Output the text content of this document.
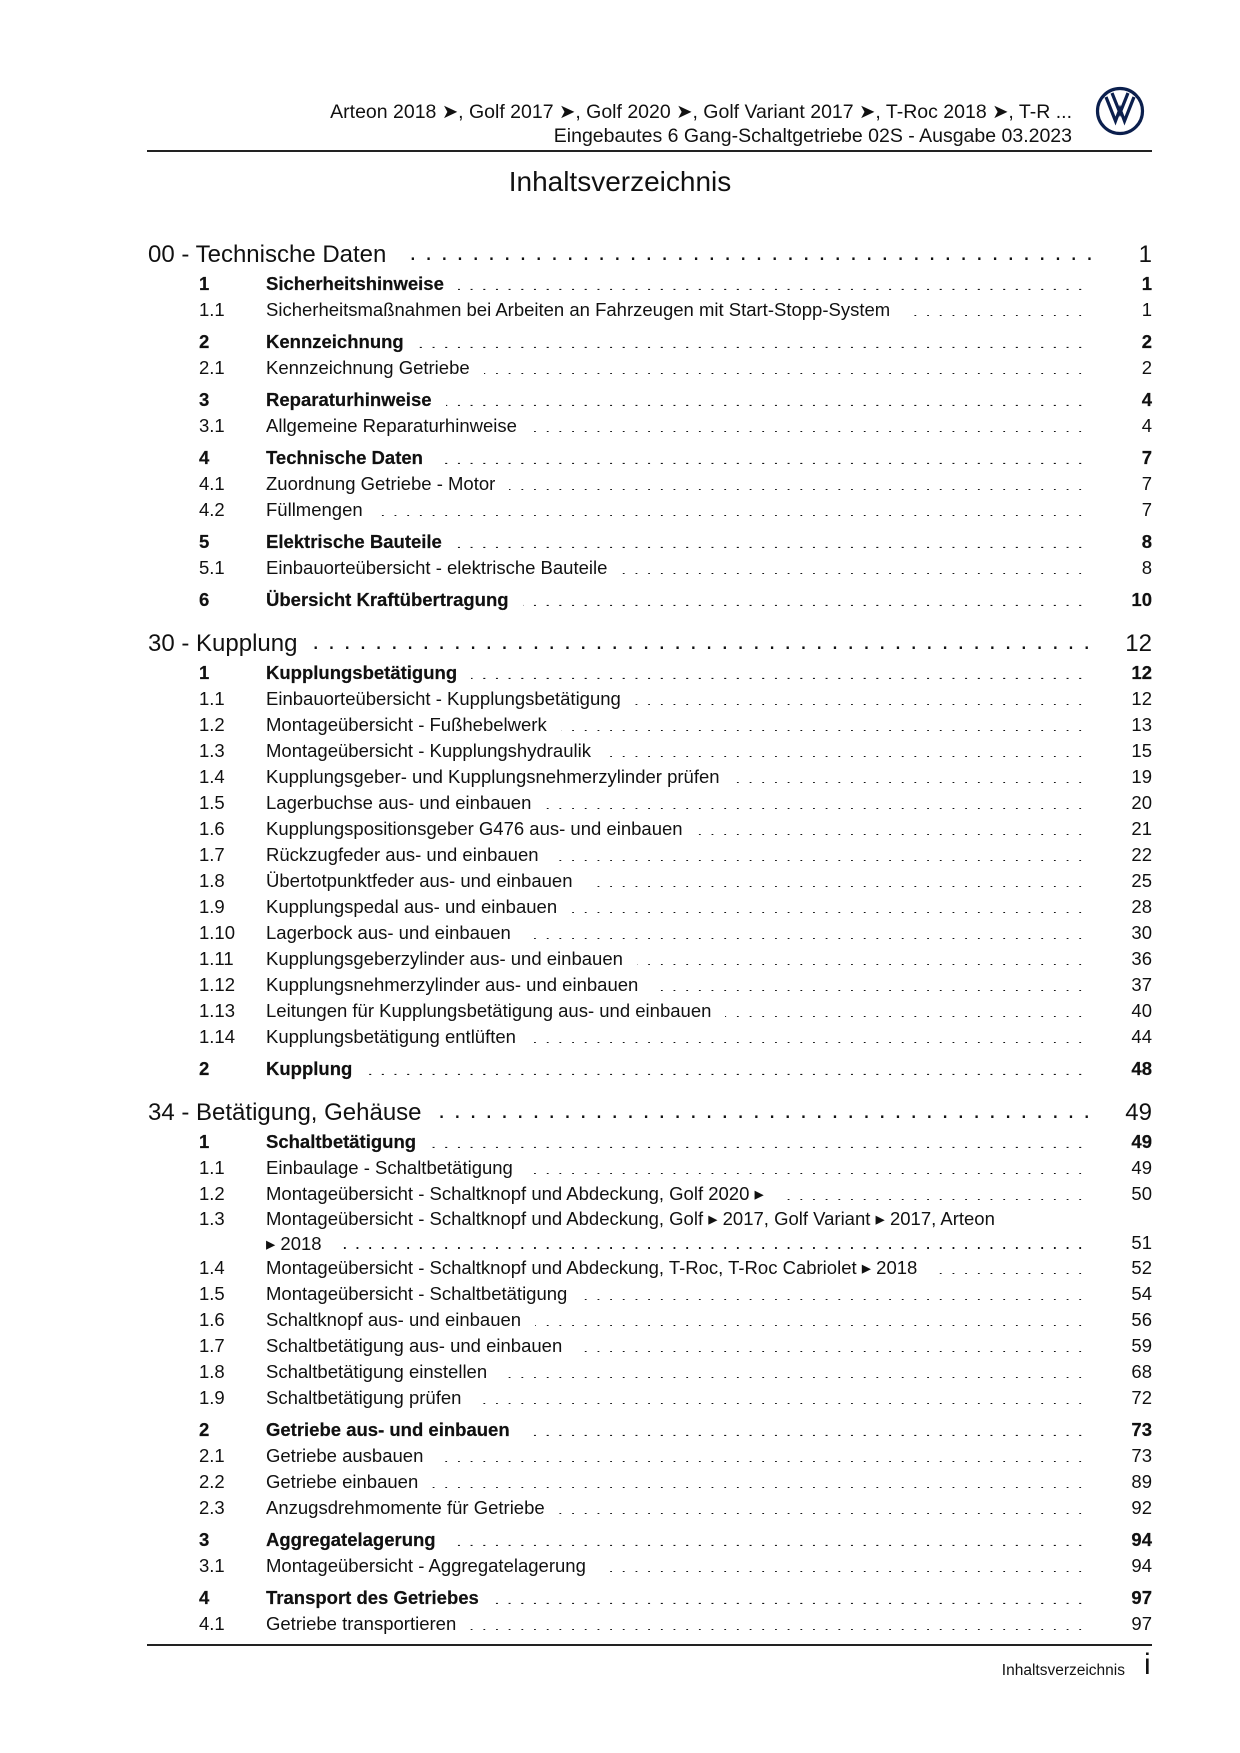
Arteon 2018 ➤, Golf 2017 ➤, Golf 2020 ➤, Golf Variant 2017 ➤, T-Roc 2018 ➤, T-R ...
Eingebautes 6 Gang-Schaltgetriebe 02S - Ausgabe 03.2023
Inhaltsverzeichnis
00 - Technische Daten . . .	1
1	Sicherheitshinweise . . .	1
1.1	Sicherheitsmaßnahmen bei Arbeiten an Fahrzeugen mit Start-Stopp-System . . .	1
2	Kennzeichnung . . .	2
2.1	Kennzeichnung Getriebe . . .	2
3	Reparaturhinweise . . .	4
3.1	Allgemeine Reparaturhinweise . . .	4
4	Technische Daten . . .	7
4.1	Zuordnung Getriebe - Motor . . .	7
4.2	Füllmengen . . .	7
5	Elektrische Bauteile . . .	8
5.1	Einbauorteübersicht - elektrische Bauteile . . .	8
6	Übersicht Kraftübertragung . . .	10
30 - Kupplung . . .	12
1	Kupplungsbetätigung . . .	12
1.1	Einbauorteübersicht - Kupplungsbetätigung . . .	12
1.2	Montageübersicht - Fußhebelwerk . . .	13
1.3	Montageübersicht - Kupplungshydraulik . . .	15
1.4	Kupplungsgeber- und Kupplungsnehmerzylinder prüfen . . .	19
1.5	Lagerbuchse aus- und einbauen . . .	20
1.6	Kupplungspositionsgeber G476 aus- und einbauen . . .	21
1.7	Rückzugfeder aus- und einbauen . . .	22
1.8	Übertotpunktfeder aus- und einbauen . . .	25
1.9	Kupplungspedal aus- und einbauen . . .	28
1.10	Lagerbock aus- und einbauen . . .	30
1.11	Kupplungsgeberzylinder aus- und einbauen . . .	36
1.12	Kupplungsnehmerzylinder aus- und einbauen . . .	37
1.13	Leitungen für Kupplungsbetätigung aus- und einbauen . . .	40
1.14	Kupplungsbetätigung entlüften . . .	44
2	Kupplung . . .	48
34 - Betätigung, Gehäuse . . .	49
1	Schaltbetätigung . . .	49
1.1	Einbaulage - Schaltbetätigung . . .	49
1.2	Montageübersicht - Schaltknopf und Abdeckung, Golf 2020 ▸ . . .	50
1.3	Montageübersicht - Schaltknopf und Abdeckung, Golf ▸ 2017, Golf Variant ▸ 2017, Arteon
▸ 2018 . . .	51
1.4	Montageübersicht - Schaltknopf und Abdeckung, T-Roc, T-Roc Cabriolet ▸ 2018 . . .	52
1.5	Montageübersicht - Schaltbetätigung . . .	54
1.6	Schaltknopf aus- und einbauen . . .	56
1.7	Schaltbetätigung aus- und einbauen . . .	59
1.8	Schaltbetätigung einstellen . . .	68
1.9	Schaltbetätigung prüfen . . .	72
2	Getriebe aus- und einbauen . . .	73
2.1	Getriebe ausbauen . . .	73
2.2	Getriebe einbauen . . .	89
2.3	Anzugsdrehmomente für Getriebe . . .	92
3	Aggregatelagerung . . .	94
3.1	Montageübersicht - Aggregatelagerung . . .	94
4	Transport des Getriebes . . .	97
4.1	Getriebe transportieren . . .	97
Inhaltsverzeichnis i
